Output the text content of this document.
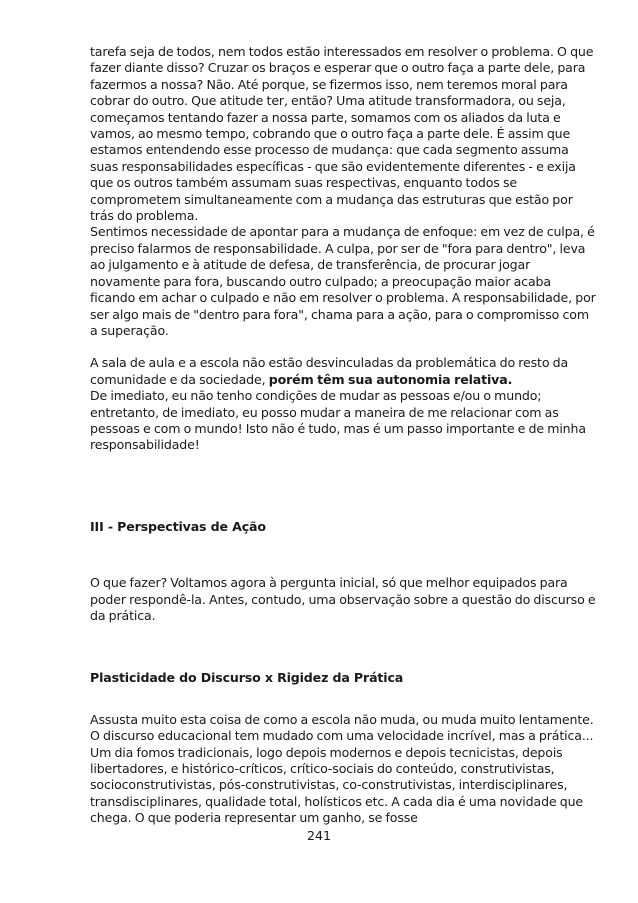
tarefa seja de todos, nem todos estão interessados em resolver o problema. O que fazer diante disso? Cruzar os braços e esperar que o outro faça a parte dele, para fazermos a nossa? Não. Até porque, se fizermos isso, nem teremos moral para cobrar do outro. Que atitude ter, então? Uma atitude transformadora, ou seja, começamos tentando fazer a nossa parte, somamos com os aliados da luta e vamos, ao mesmo tempo, cobrando que o outro faça a parte dele. É assim que estamos entendendo esse processo de mudança: que cada segmento assuma suas responsabilidades específicas - que são evidentemente diferentes - e exija que os outros também assumam suas respectivas, enquanto todos se comprometem simultaneamente com a mudança das estruturas que estão por trás do problema.

Sentimos necessidade de apontar para a mudança de enfoque: em vez de culpa, é preciso falarmos de responsabilidade. A culpa, por ser de "fora para dentro", leva ao julgamento e à atitude de defesa, de transferência, de procurar jogar novamente para fora, buscando outro culpado; a preocupação maior acaba ficando em achar o culpado e não em resolver o problema. A responsabilidade, por ser algo mais de "dentro para fora", chama para a ação, para o compromisso com a superação.

A sala de aula e a escola não estão desvinculadas da problemática do resto da comunidade e da sociedade, porém têm sua autonomia relativa.

De imediato, eu não tenho condições de mudar as pessoas e/ou o mundo; entretanto, de imediato, eu posso mudar a maneira de me relacionar com as pessoas e com o mundo! Isto não é tudo, mas é um passo importante e de minha responsabilidade!

III - Perspectivas de Ação

O que fazer? Voltamos agora à pergunta inicial, só que melhor equipados para poder respondê-la. Antes, contudo, uma observação sobre a questão do discurso e da prática.

Plasticidade do Discurso x Rigidez da Prática

Assusta muito esta coisa de como a escola não muda, ou muda muito lentamente. O discurso educacional tem mudado com uma velocidade incrível, mas a prática... Um dia fomos tradicionais, logo depois modernos e depois tecnicistas, depois libertadores, e histórico-críticos, crítico-sociais do conteúdo, construtivistas, socioconstrutivistas, pós-construtivistas, co-construtivistas, interdisciplinares, transdisciplinares, qualidade total, holísticos etc. A cada dia é uma novidade que chega. O que poderia representar um ganho, se fosse

241
